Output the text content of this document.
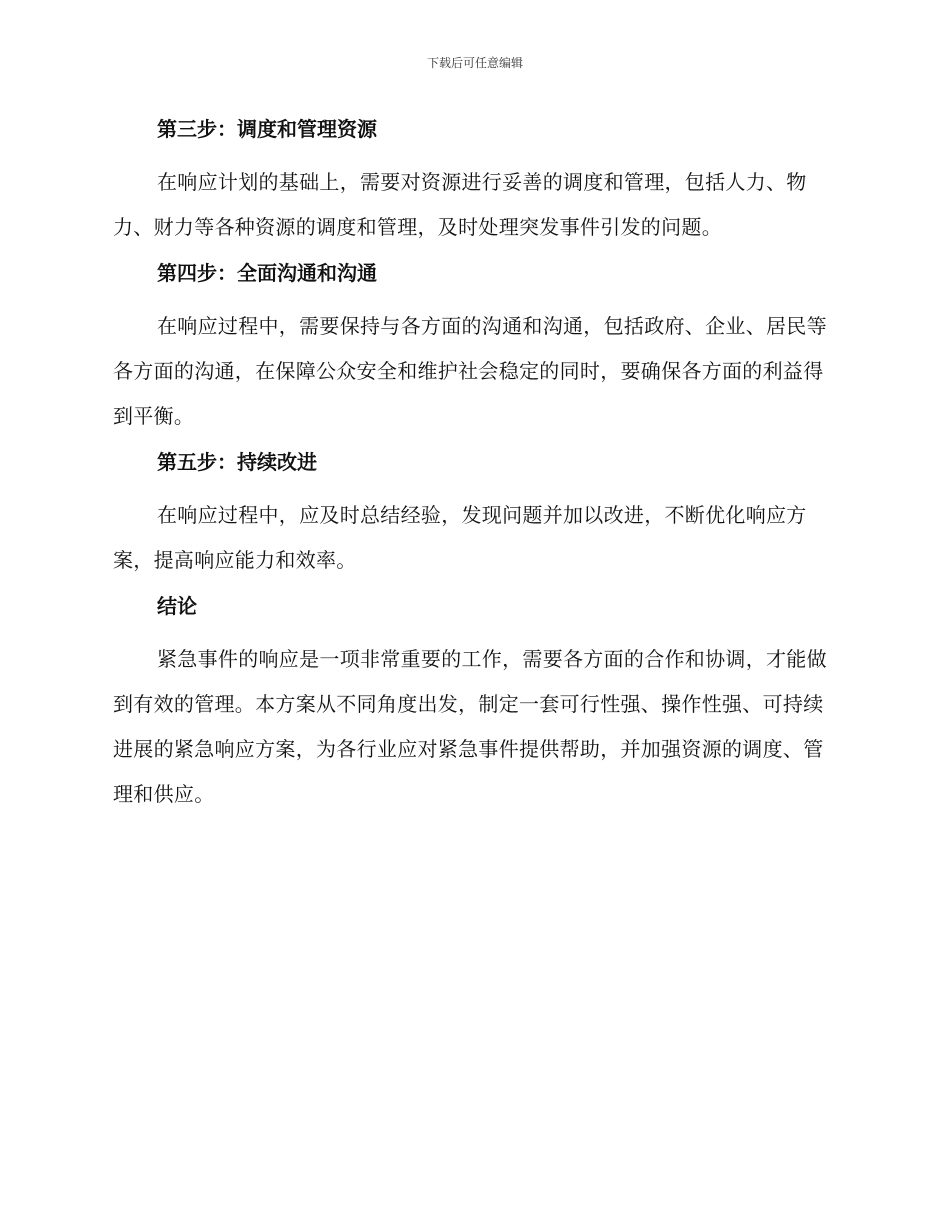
下载后可任意编辑
第三步：调度和管理资源

在响应计划的基础上，需要对资源进行妥善的调度和管理，包括人力、物力、财力等各种资源的调度和管理，及时处理突发事件引发的问题。

第四步：全面沟通和沟通

在响应过程中，需要保持与各方面的沟通和沟通，包括政府、企业、居民等各方面的沟通，在保障公众安全和维护社会稳定的同时，要确保各方面的利益得到平衡。

第五步：持续改进

在响应过程中，应及时总结经验，发现问题并加以改进，不断优化响应方案，提高响应能力和效率。

结论

紧急事件的响应是一项非常重要的工作，需要各方面的合作和协调，才能做到有效的管理。本方案从不同角度出发，制定一套可行性强、操作性强、可持续进展的紧急响应方案，为各行业应对紧急事件提供帮助，并加强资源的调度、管理和供应。
